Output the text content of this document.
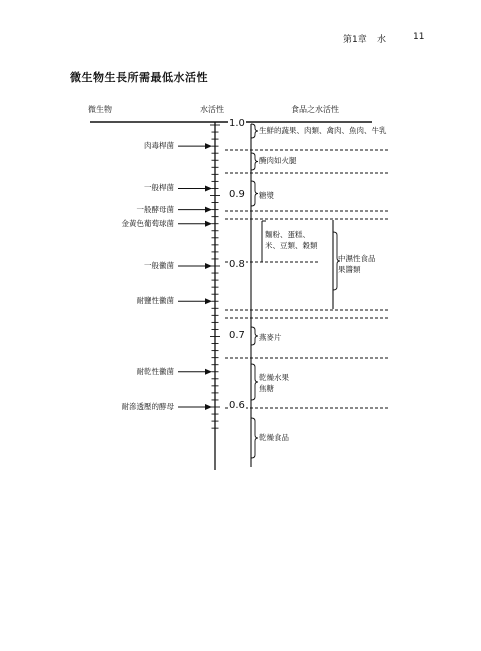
第1章 水	11
微生物生長所需最低水活性
微生物	水活性	食品之水活性
1.0
0.9
0.8
0.7
0.6
肉毒桿菌
一般桿菌
一般酵母菌
金黃色葡萄球菌
一般黴菌
耐鹽性黴菌
耐乾性黴菌
耐滲透壓的酵母
生鮮的蔬果、肉類、禽肉、魚肉、牛乳
醃肉如火腿
糖漿
麵粉、蛋糕、
米、豆類、穀類
中濕性食品
果醬類
燕麥片
乾燥水果
焦糖
乾燥食品
